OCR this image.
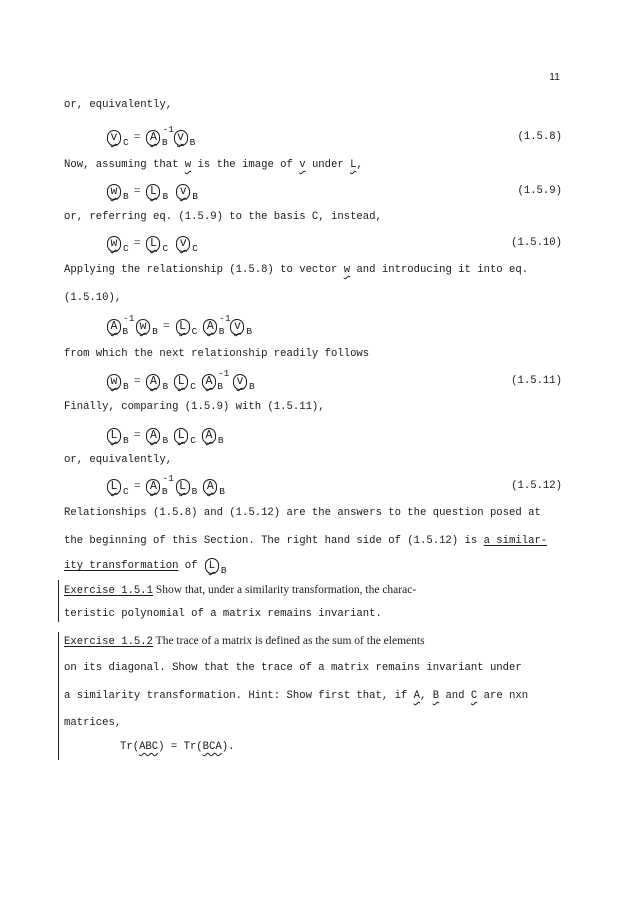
11
or, equivalently,
v $_C = A^{-1}_B$ v $_B$	(1.5.8)
Now, assuming that w is the image of v under L,
w $_B$ = L $_B$ v $_B$	(1.5.9)
or, referring eq. (1.5.9) to the basis C, instead,
w $_C$ = L $_C$ v $_C$	(1.5.10)
Applying the relationship (1.5.8) to vector w and introducing it into eq.
(1.5.10),
$A^{-1}_B$ w $_B$ = L $_C$ $A^{-1}_B$ v $_B$
from which the next relationship readily follows
w $_B$ = A $_B$ L $_C$ $A^{-1}_B$ v $_B$	(1.5.11)
Finally, comparing (1.5.9) with (1.5.11),
L $_B$ = A $_B$ L $_C$ A $_B$
or, equivalently,
L $_C = A^{-1}_B$ L $_B$ A $_B$	(1.5.12)
Relationships (1.5.8) and (1.5.12) are the answers to the question posed at
the beginning of this Section. The right hand side of (1.5.12) is a similar-
ity transformation of L B
Exercise 1.5.1 Show that, under a similarity transformation, the charac-
teristic polynomial of a matrix remains invariant.
Exercise 1.5.2 The trace of a matrix is defined as the sum of the elements
on its diagonal. Show that the trace of a matrix remains invariant under
a similarity transformation. Hint: Show first that, if A, B and C are nxn
matrices,
Tr(ABC) = Tr(BCA).
